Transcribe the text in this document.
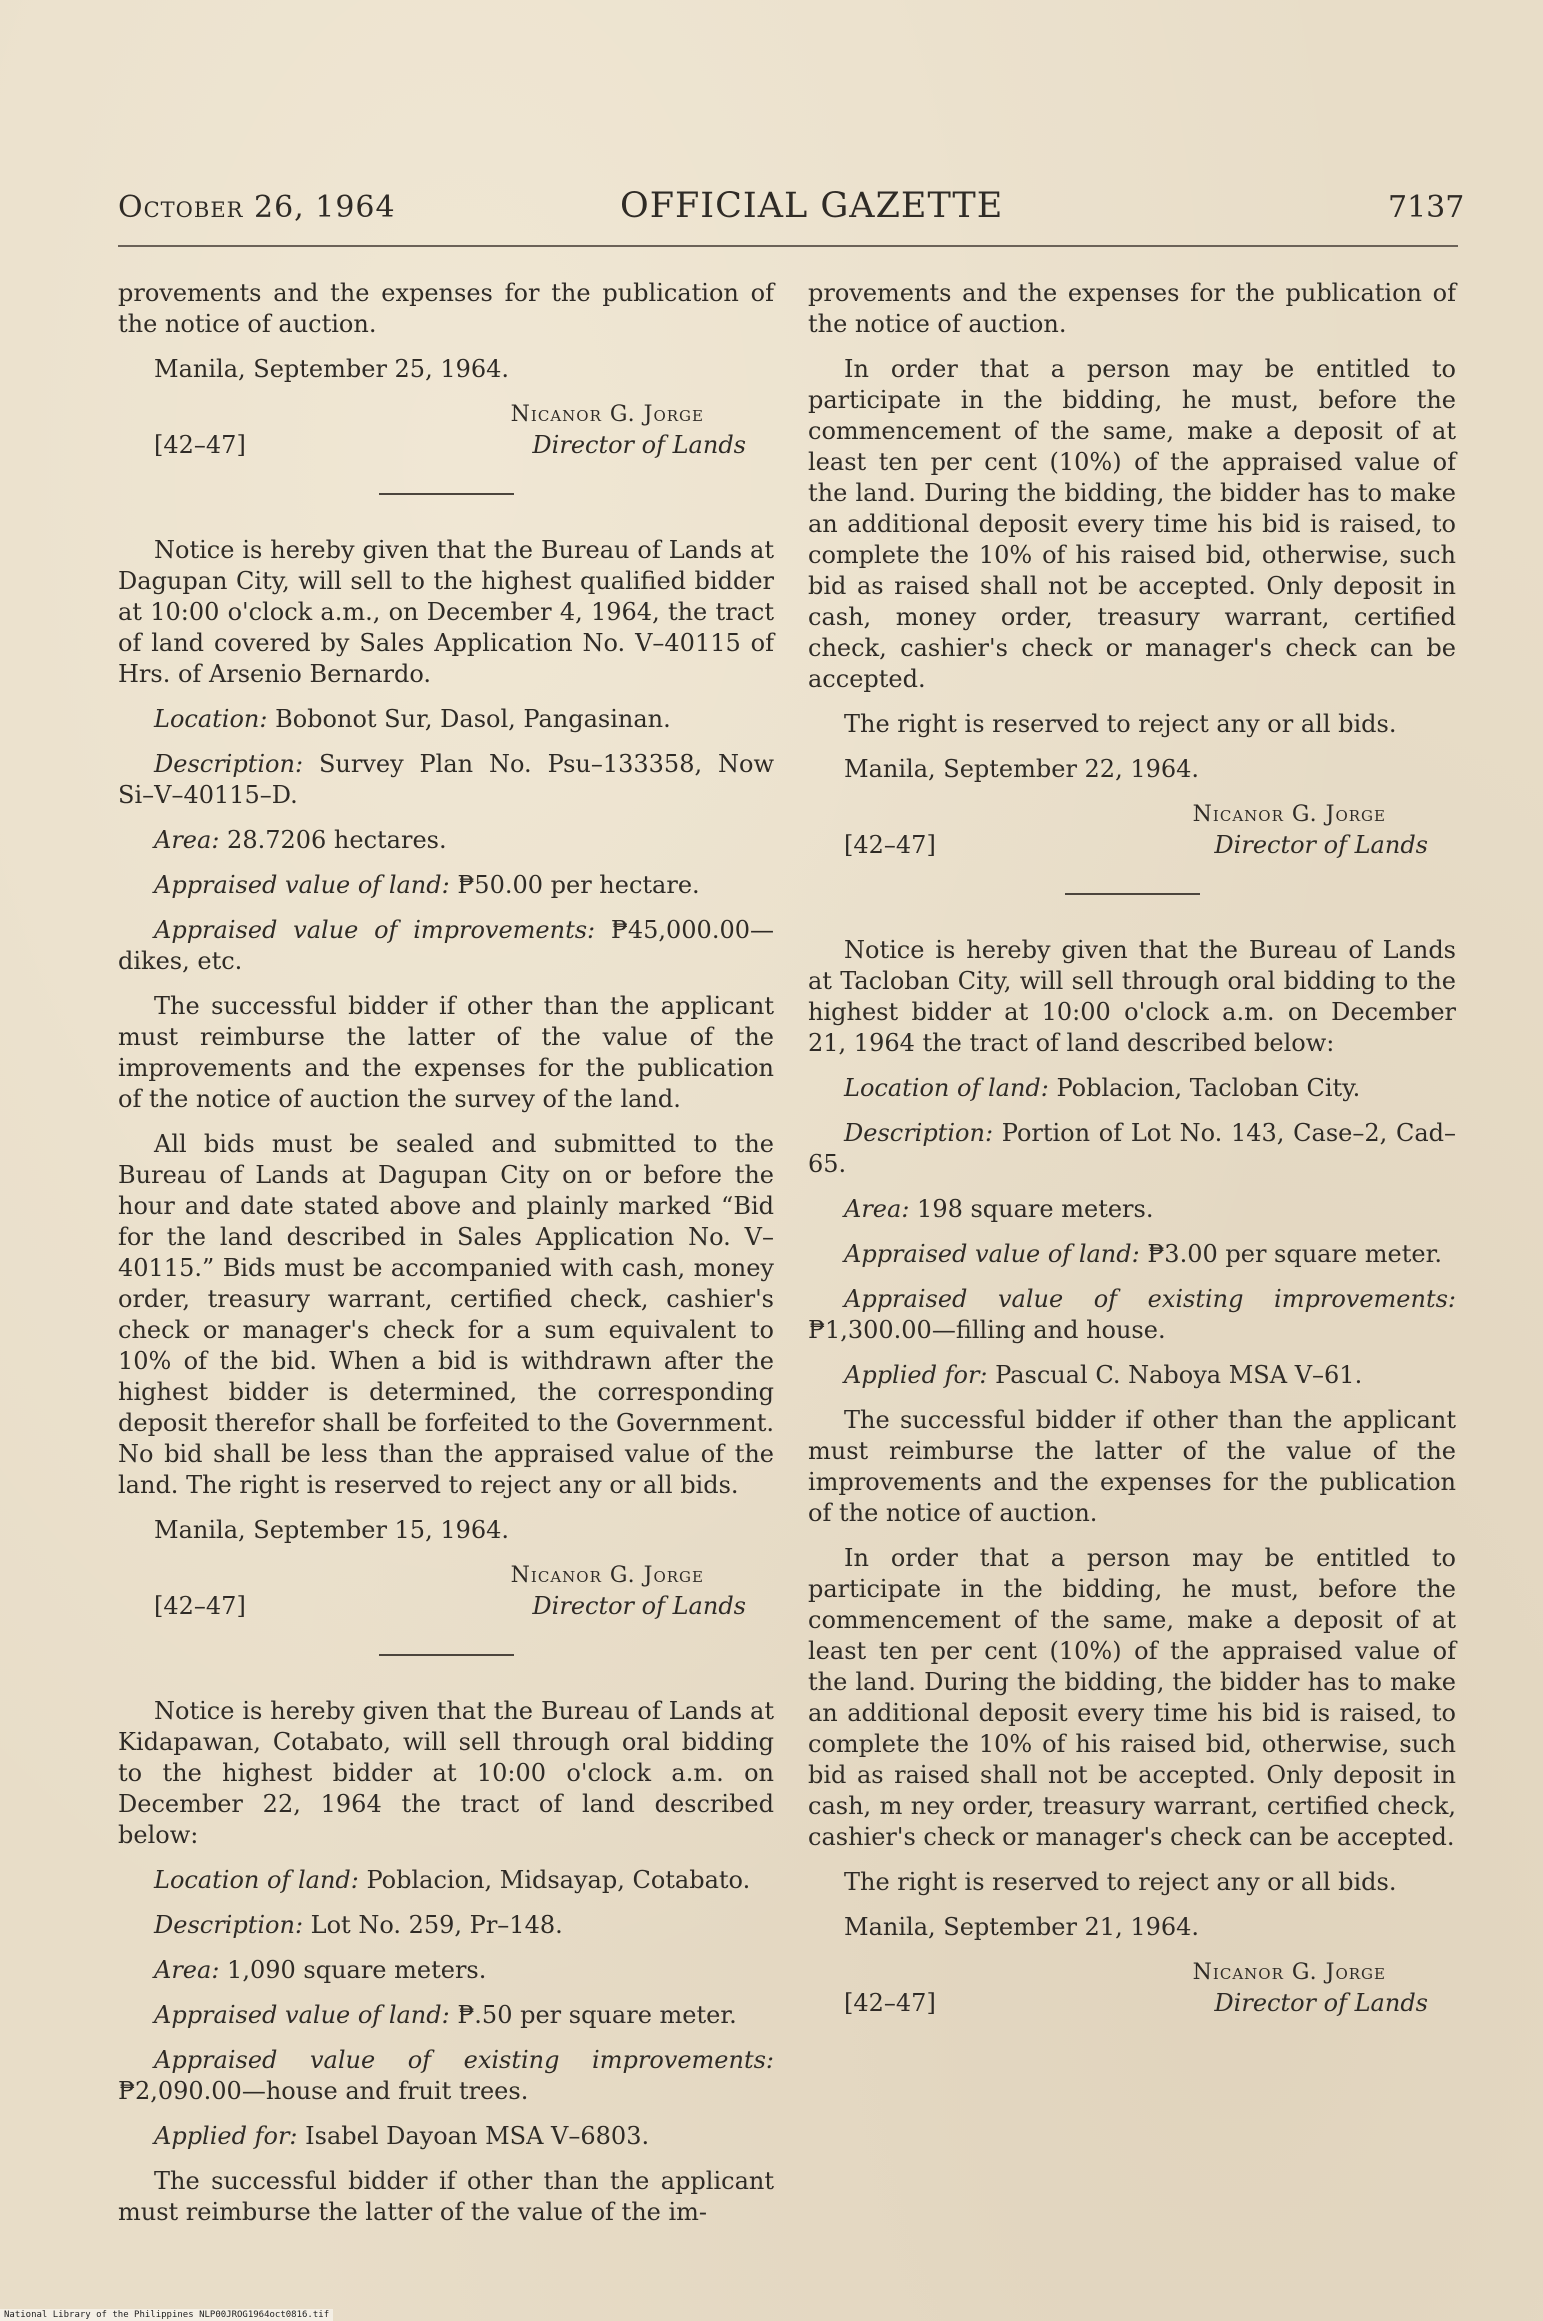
October 26, 1964	OFFICIAL GAZETTE	7137

provements and the expenses for the publication of the notice of auction.

Manila, September 25, 1964.

Nicanor G. Jorge
[42–47]	Director of Lands

Notice is hereby given that the Bureau of Lands at Dagupan City, will sell to the highest qualified bidder at 10:00 o'clock a.m., on December 4, 1964, the tract of land covered by Sales Application No. V–40115 of Hrs. of Arsenio Bernardo.

Location: Bobonot Sur, Dasol, Pangasinan.

Description: Survey Plan No. Psu–133358, Now Si–V–40115–D.

Area: 28.7206 hectares.

Appraised value of land: ₱50.00 per hectare.

Appraised value of improvements: ₱45,000.00—dikes, etc.

The successful bidder if other than the applicant must reimburse the latter of the value of the improvements and the expenses for the publication of the notice of auction the survey of the land.

All bids must be sealed and submitted to the Bureau of Lands at Dagupan City on or before the hour and date stated above and plainly marked “Bid for the land described in Sales Application No. V–40115.” Bids must be accompanied with cash, money order, treasury warrant, certified check, cashier's check or manager's check for a sum equivalent to 10% of the bid. When a bid is withdrawn after the highest bidder is determined, the corresponding deposit therefor shall be forfeited to the Government. No bid shall be less than the appraised value of the land. The right is reserved to reject any or all bids.

Manila, September 15, 1964.

Nicanor G. Jorge
[42–47]	Director of Lands

Notice is hereby given that the Bureau of Lands at Kidapawan, Cotabato, will sell through oral bidding to the highest bidder at 10:00 o'clock a.m. on December 22, 1964 the tract of land described below:

Location of land: Poblacion, Midsayap, Cotabato.

Description: Lot No. 259, Pr–148.

Area: 1,090 square meters.

Appraised value of land: ₱.50 per square meter.

Appraised value of existing improvements: ₱2,090.00—house and fruit trees.

Applied for: Isabel Dayoan MSA V–6803.

The successful bidder if other than the applicant must reimburse the latter of the value of the im-

provements and the expenses for the publication of the notice of auction.

In order that a person may be entitled to participate in the bidding, he must, before the commencement of the same, make a deposit of at least ten per cent (10%) of the appraised value of the land. During the bidding, the bidder has to make an additional deposit every time his bid is raised, to complete the 10% of his raised bid, otherwise, such bid as raised shall not be accepted. Only deposit in cash, money order, treasury warrant, certified check, cashier's check or manager's check can be accepted.

The right is reserved to reject any or all bids.

Manila, September 22, 1964.

Nicanor G. Jorge
[42–47]	Director of Lands

Notice is hereby given that the Bureau of Lands at Tacloban City, will sell through oral bidding to the highest bidder at 10:00 o'clock a.m. on December 21, 1964 the tract of land described below:

Location of land: Poblacion, Tacloban City.

Description: Portion of Lot No. 143, Case–2, Cad–65.

Area: 198 square meters.

Appraised value of land: ₱3.00 per square meter.

Appraised value of existing improvements: ₱1,300.00—filling and house.

Applied for: Pascual C. Naboya MSA V–61.

The successful bidder if other than the applicant must reimburse the latter of the value of the improvements and the expenses for the publication of the notice of auction.

In order that a person may be entitled to participate in the bidding, he must, before the commencement of the same, make a deposit of at least ten per cent (10%) of the appraised value of the land. During the bidding, the bidder has to make an additional deposit every time his bid is raised, to complete the 10% of his raised bid, otherwise, such bid as raised shall not be accepted. Only deposit in cash, m ney order, treasury warrant, certified check, cashier's check or manager's check can be accepted.

The right is reserved to reject any or all bids.

Manila, September 21, 1964.

Nicanor G. Jorge
[42–47]	Director of Lands
National Library of the Philippines NLP00JROG1964oct0816.tif
